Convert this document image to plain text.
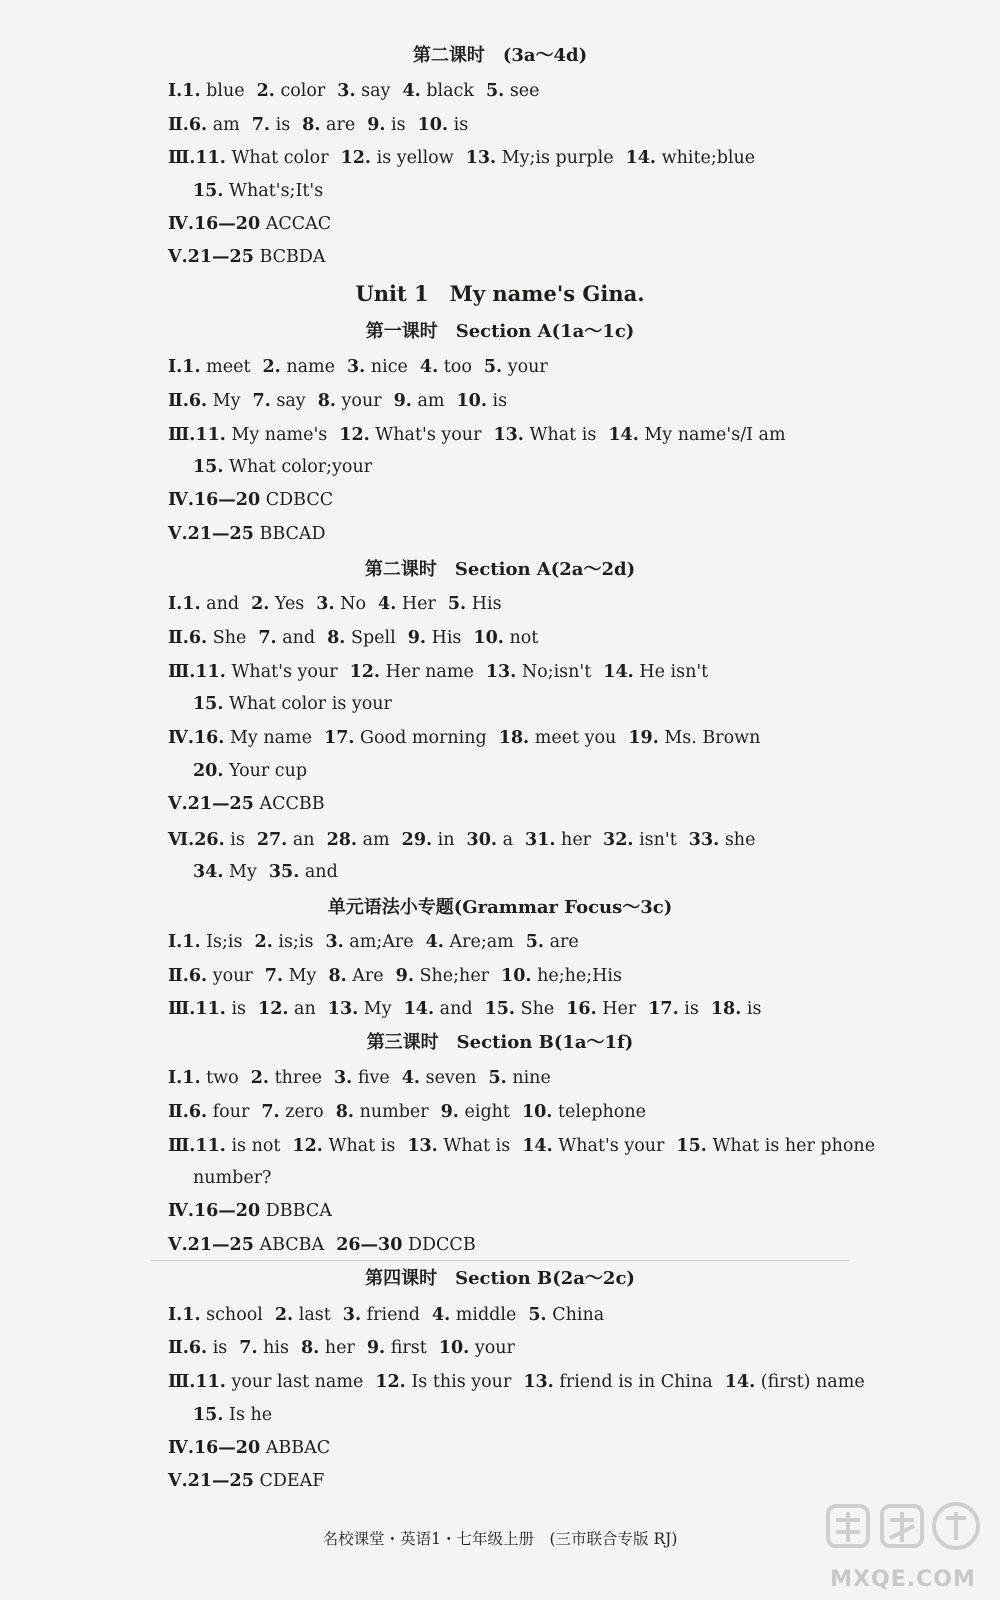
第二课时　(3a～4d)
Unit 1　My name's Gina.
第一课时　Section A(1a～1c)
第二课时　Section A(2a～2d)
单元语法小专题(Grammar Focus～3c)
第三课时　Section B(1a～1f)
第四课时　Section B(2a～2c)
Ⅰ.1. blue 2. color 3. say 4. black 5. see
Ⅱ.6. am 7. is 8. are 9. is 10. is
Ⅲ.11. What color 12. is yellow 13. My;is purple 14. white;blue
15. What's;It's
Ⅳ.16—20 ACCAC
Ⅴ.21—25 BCBDA
Ⅰ.1. meet 2. name 3. nice 4. too 5. your
Ⅱ.6. My 7. say 8. your 9. am 10. is
Ⅲ.11. My name's 12. What's your 13. What is 14. My name's/I am
15. What color;your
Ⅳ.16—20 CDBCC
Ⅴ.21—25 BBCAD
Ⅰ.1. and 2. Yes 3. No 4. Her 5. His
Ⅱ.6. She 7. and 8. Spell 9. His 10. not
Ⅲ.11. What's your 12. Her name 13. No;isn't 14. He isn't
15. What color is your
Ⅳ.16. My name 17. Good morning 18. meet you 19. Ms. Brown
20. Your cup
Ⅴ.21—25 ACCBB
Ⅵ.26. is 27. an 28. am 29. in 30. a 31. her 32. isn't 33. she
34. My 35. and
Ⅰ.1. Is;is 2. is;is 3. am;Are 4. Are;am 5. are
Ⅱ.6. your 7. My 8. Are 9. She;her 10. he;he;His
Ⅲ.11. is 12. an 13. My 14. and 15. She 16. Her 17. is 18. is
Ⅰ.1. two 2. three 3. five 4. seven 5. nine
Ⅱ.6. four 7. zero 8. number 9. eight 10. telephone
Ⅲ.11. is not 12. What is 13. What is 14. What's your 15. What is her phone
number?
Ⅳ.16—20 DBBCA
Ⅴ.21—25 ABCBA 26—30 DDCCB
Ⅰ.1. school 2. last 3. friend 4. middle 5. China
Ⅱ.6. is 7. his 8. her 9. first 10. your
Ⅲ.11. your last name 12. Is this your 13. friend is in China 14. (first) name
15. Is he
Ⅳ.16—20 ABBAC
Ⅴ.21—25 CDEAF
名校课堂・英语1・七年级上册　(三市联合专版 RJ)
MXQE.COM
